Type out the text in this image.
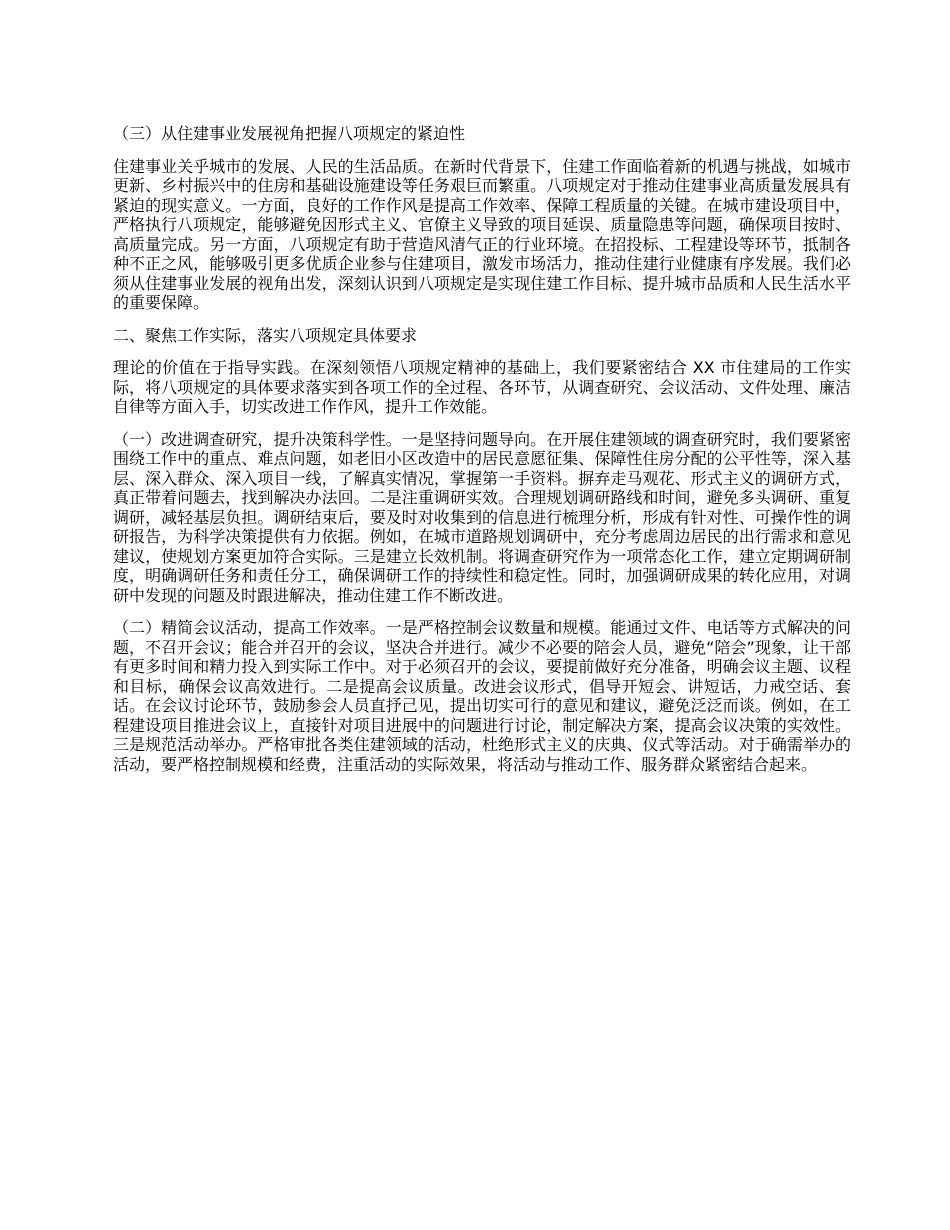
（三）从住建事业发展视角把握八项规定的紧迫性

住建事业关乎城市的发展、人民的生活品质。在新时代背景下，住建工作面临着新的机遇与挑战，如城市更新、乡村振兴中的住房和基础设施建设等任务艰巨而繁重。八项规定对于推动住建事业高质量发展具有紧迫的现实意义。一方面，良好的工作作风是提高工作效率、保障工程质量的关键。在城市建设项目中，严格执行八项规定，能够避免因形式主义、官僚主义导致的项目延误、质量隐患等问题，确保项目按时、高质量完成。另一方面，八项规定有助于营造风清气正的行业环境。在招投标、工程建设等环节，抵制各种不正之风，能够吸引更多优质企业参与住建项目，激发市场活力，推动住建行业健康有序发展。我们必须从住建事业发展的视角出发，深刻认识到八项规定是实现住建工作目标、提升城市品质和人民生活水平的重要保障。

二、聚焦工作实际，落实八项规定具体要求

理论的价值在于指导实践。在深刻领悟八项规定精神的基础上，我们要紧密结合 XX 市住建局的工作实际，将八项规定的具体要求落实到各项工作的全过程、各环节，从调查研究、会议活动、文件处理、廉洁自律等方面入手，切实改进工作作风，提升工作效能。

（一）改进调查研究，提升决策科学性。一是坚持问题导向。在开展住建领域的调查研究时，我们要紧密围绕工作中的重点、难点问题，如老旧小区改造中的居民意愿征集、保障性住房分配的公平性等，深入基层、深入群众、深入项目一线，了解真实情况，掌握第一手资料。摒弃走马观花、形式主义的调研方式，真正带着问题去，找到解决办法回。二是注重调研实效。合理规划调研路线和时间，避免多头调研、重复调研，减轻基层负担。调研结束后，要及时对收集到的信息进行梳理分析，形成有针对性、可操作性的调研报告，为科学决策提供有力依据。例如，在城市道路规划调研中，充分考虑周边居民的出行需求和意见建议，使规划方案更加符合实际。三是建立长效机制。将调查研究作为一项常态化工作，建立定期调研制度，明确调研任务和责任分工，确保调研工作的持续性和稳定性。同时，加强调研成果的转化应用，对调研中发现的问题及时跟进解决，推动住建工作不断改进。

（二）精简会议活动，提高工作效率。一是严格控制会议数量和规模。能通过文件、电话等方式解决的问题，不召开会议；能合并召开的会议，坚决合并进行。减少不必要的陪会人员，避免“陪会”现象，让干部有更多时间和精力投入到实际工作中。对于必须召开的会议，要提前做好充分准备，明确会议主题、议程和目标，确保会议高效进行。二是提高会议质量。改进会议形式，倡导开短会、讲短话，力戒空话、套话。在会议讨论环节，鼓励参会人员直抒己见，提出切实可行的意见和建议，避免泛泛而谈。例如，在工程建设项目推进会议上，直接针对项目进展中的问题进行讨论，制定解决方案，提高会议决策的实效性。三是规范活动举办。严格审批各类住建领域的活动，杜绝形式主义的庆典、仪式等活动。对于确需举办的活动，要严格控制规模和经费，注重活动的实际效果，将活动与推动工作、服务群众紧密结合起来。
